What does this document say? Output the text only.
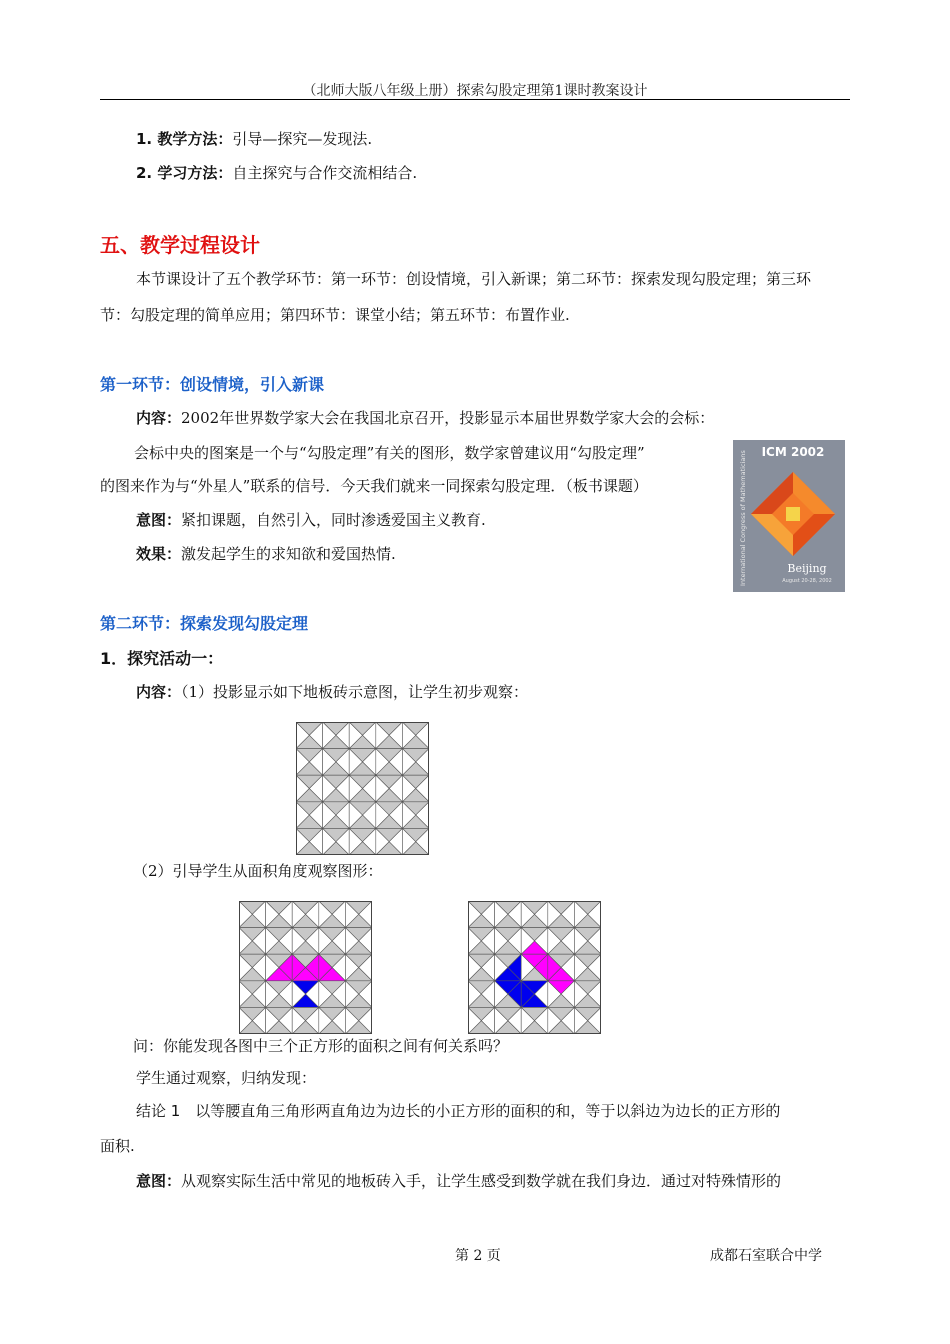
（北师大版八年级上册）探索勾股定理第1课时教案设计
1. 教学方法：引导—探究—发现法.
2. 学习方法：自主探究与合作交流相结合.
五、教学过程设计
本节课设计了五个教学环节：第一环节：创设情境，引入新课；第二环节：探索发现勾股定理；第三环
节：勾股定理的简单应用；第四环节：课堂小结；第五环节：布置作业.
第一环节：创设情境，引入新课
内容：2002年世界数学家大会在我国北京召开，投影显示本届世界数学家大会的会标：
会标中央的图案是一个与“勾股定理”有关的图形，数学家曾建议用“勾股定理”
的图来作为与“外星人”联系的信号．今天我们就来一同探索勾股定理．（板书课题）
意图：紧扣课题，自然引入，同时渗透爱国主义教育.
效果：激发起学生的求知欲和爱国热情.
ICM 2002
International Congress of Mathematicians	Beijing
August 20-28, 2002
第二环节：探索发现勾股定理
1．探究活动一：
内容：（1）投影显示如下地板砖示意图，让学生初步观察：
（2）引导学生从面积角度观察图形：
问：你能发现各图中三个正方形的面积之间有何关系吗？
学生通过观察，归纳发现：
结论 1　以等腰直角三角形两直角边为边长的小正方形的面积的和，等于以斜边为边长的正方形的
面积.
意图：从观察实际生活中常见的地板砖入手，让学生感受到数学就在我们身边．通过对特殊情形的
第 2 页	成都石室联合中学
